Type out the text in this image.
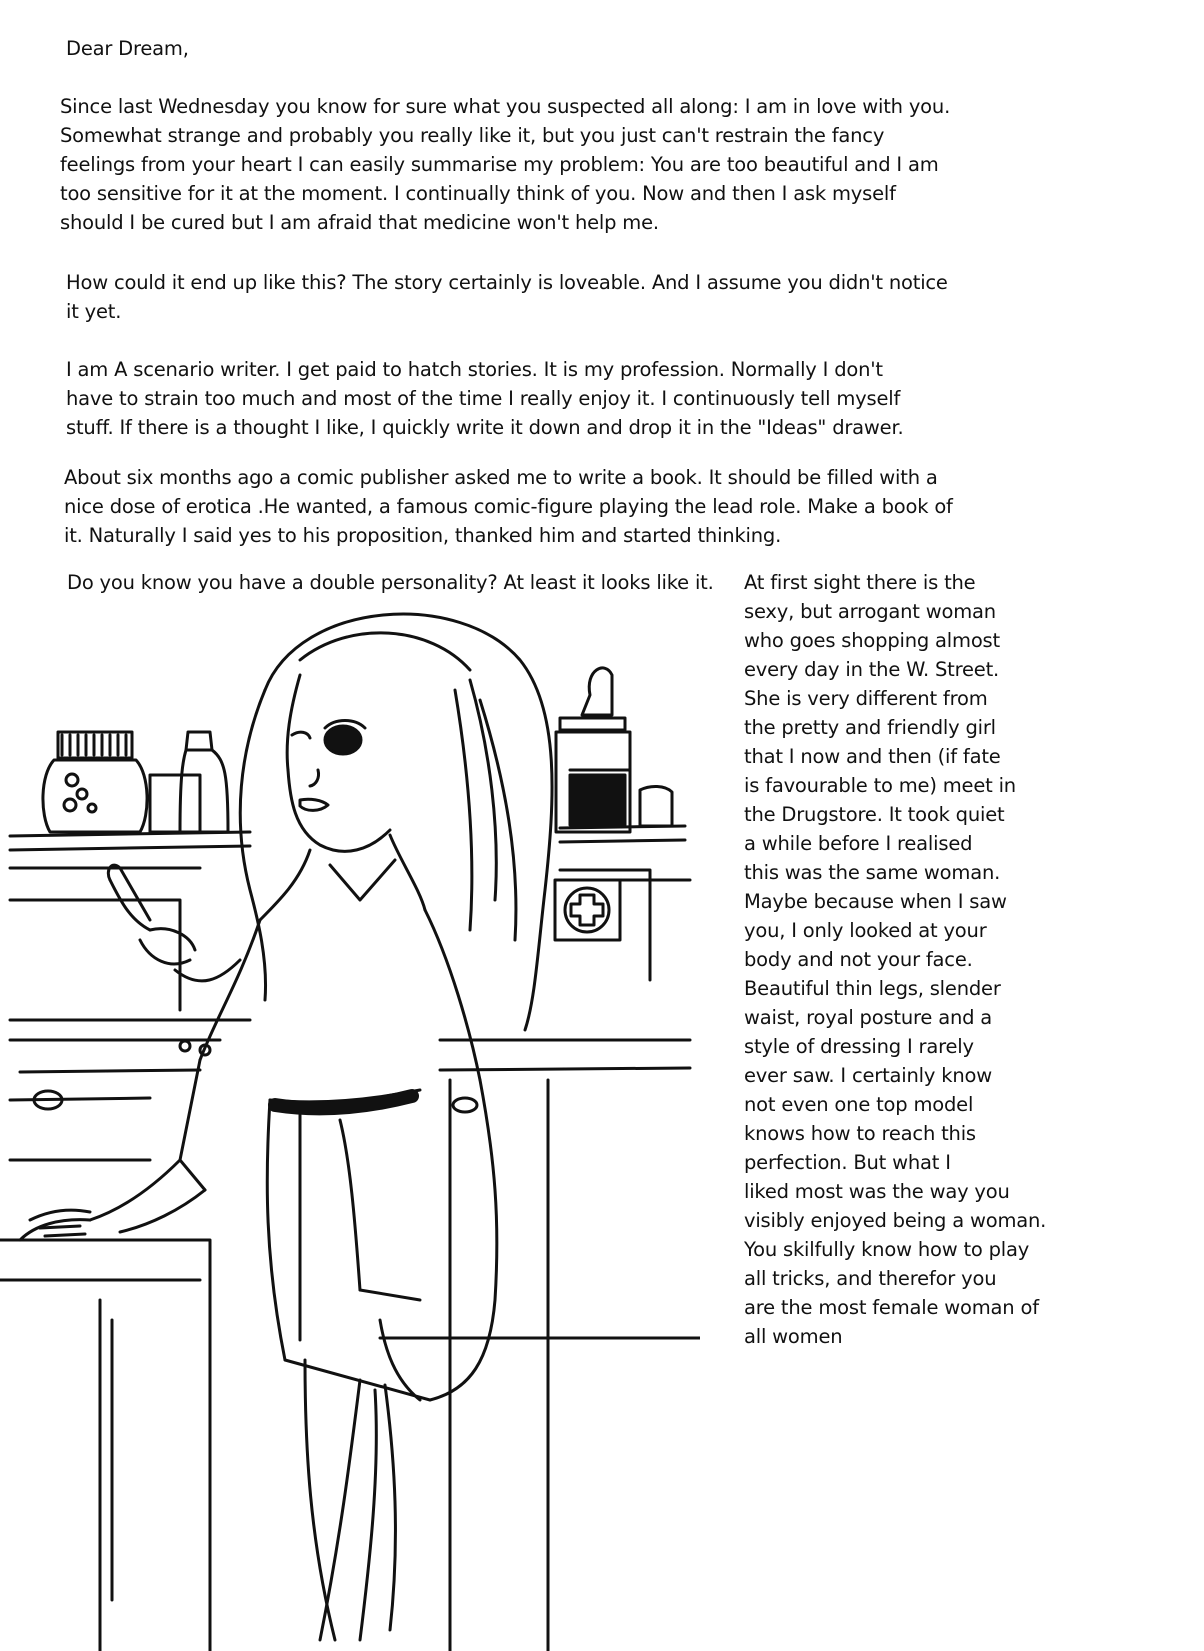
Dear Dream,

Since last Wednesday you know for sure what you suspected all along: I am in love with you.
Somewhat strange and probably you really like it, but you just can't restrain the fancy
feelings from your heart I can easily summarise my problem: You are too beautiful and I am
too sensitive for it at the moment. I continually think of you. Now and then I ask myself
should I be cured but I am afraid that medicine won't help me.

How could it end up like this? The story certainly is loveable. And I assume you didn't notice
it yet.

I am A scenario writer. I get paid to hatch stories. It is my profession. Normally I don't
have to strain too much and most of the time I really enjoy it. I continuously tell myself
stuff. If there is a thought I like, I quickly write it down and drop it in the "Ideas" drawer.

About six months ago a comic publisher asked me to write a book. It should be filled with a
nice dose of erotica .He wanted, a famous comic-figure playing the lead role. Make a book of
it. Naturally I said yes to his proposition, thanked him and started thinking.

Do you know you have a double personality? At least it looks like it.	At first sight there is the
sexy, but arrogant woman
who goes shopping almost
every day in the W. Street.
She is very different from
the pretty and friendly girl
that I now and then (if fate
is favourable to me) meet in
the Drugstore. It took quiet
a while before I realised
this was the same woman.
Maybe because when I saw
you, I only looked at your
body and not your face.
Beautiful thin legs, slender
waist, royal posture and a
style of dressing I rarely
ever saw. I certainly know
not even one top model
knows how to reach this
perfection. But what I
liked most was the way you
visibly enjoyed being a woman.
You skilfully know how to play
all tricks, and therefor you
are the most female woman of
all women
